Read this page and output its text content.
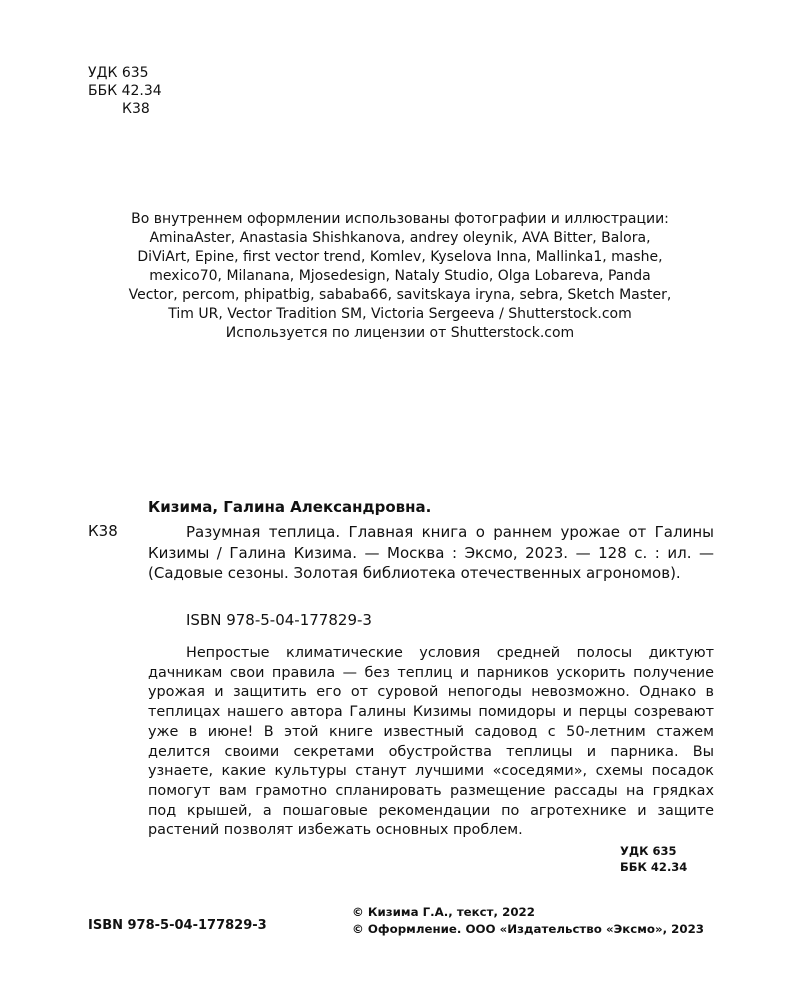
УДК 635
ББК 42.34
К38
Во внутреннем оформлении использованы фотографии и иллюстрации:
AminaAster, Anastasia Shishkanova, andrey oleynik, AVA Bitter, Balora,
DiViArt, Epine, first vector trend, Komlev, Kyselova Inna, Mallinka1, mashe,
mexico70, Milanana, Mjosedesign, Nataly Studio, Olga Lobareva, Panda
Vector, percom, phipatbig, sababa66, savitskaya iryna, sebra, Sketch Master,
Tim UR, Vector Tradition SM, Victoria Sergeeva / Shutterstock.com
Используется по лицензии от Shutterstock.com
Кизима, Галина Александровна.
К38	Разумная теплица. Главная книга о раннем урожае от Галины Кизимы / Галина Кизима. — Москва : Эксмо, 2023. — 128 с. : ил. — (Садовые сезоны. Золотая библиотека отечественных агрономов).
ISBN 978-5-04-177829-3
Непростые климатические условия средней полосы диктуют дачникам свои правила — без теплиц и парников ускорить получение урожая и защитить его от суровой непогоды невозможно. Однако в теплицах нашего автора Галины Кизимы помидоры и перцы созревают уже в июне! В этой книге известный садовод с 50-летним стажем делится своими секретами обустройства теплицы и парника. Вы узнаете, какие культуры станут лучшими «соседями», схемы посадок помогут вам грамотно спланировать размещение рассады на грядках под крышей, а пошаговые рекомендации по агротехнике и защите растений позволят избежать основных проблем.
УДК 635
ББК 42.34
ISBN 978-5-04-177829-3
© Кизима Г.А., текст, 2022
© Оформление. ООО «Издательство «Эксмо», 2023
